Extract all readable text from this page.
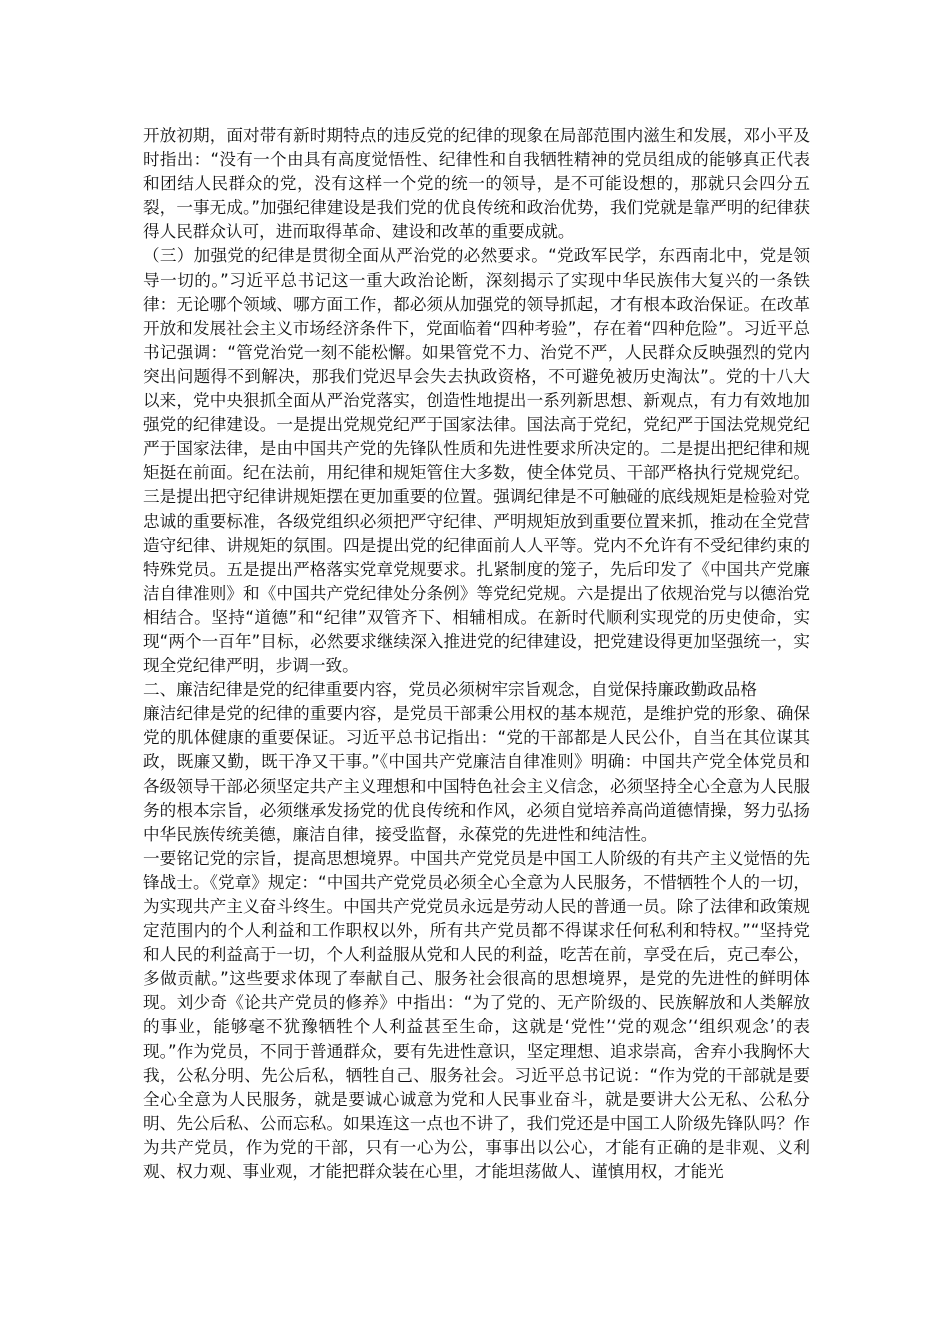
开放初期，面对带有新时期特点的违反党的纪律的现象在局部范围内滋生和发展，邓小平及时指出：“没有一个由具有高度觉悟性、纪律性和自我牺牲精神的党员组成的能够真正代表和团结人民群众的党，没有这样一个党的统一的领导，是不可能设想的，那就只会四分五裂，一事无成。”加强纪律建设是我们党的优良传统和政治优势，我们党就是靠严明的纪律获得人民群众认可，进而取得革命、建设和改革的重要成就。

（三）加强党的纪律是贯彻全面从严治党的必然要求。“党政军民学，东西南北中，党是领导一切的。”习近平总书记这一重大政治论断，深刻揭示了实现中华民族伟大复兴的一条铁律：无论哪个领域、哪方面工作，都必须从加强党的领导抓起，才有根本政治保证。在改革开放和发展社会主义市场经济条件下，党面临着“四种考验”，存在着“四种危险”。习近平总书记强调：“管党治党一刻不能松懈。如果管党不力、治党不严，人民群众反映强烈的党内突出问题得不到解决，那我们党迟早会失去执政资格，不可避免被历史淘汰”。党的十八大以来，党中央狠抓全面从严治党落实，创造性地提出一系列新思想、新观点，有力有效地加强党的纪律建设。一是提出党规党纪严于国家法律。国法高于党纪，党纪严于国法党规党纪严于国家法律，是由中国共产党的先锋队性质和先进性要求所决定的。二是提出把纪律和规矩挺在前面。纪在法前，用纪律和规矩管住大多数，使全体党员、干部严格执行党规党纪。三是提出把守纪律讲规矩摆在更加重要的位置。强调纪律是不可触碰的底线规矩是检验对党忠诚的重要标准，各级党组织必须把严守纪律、严明规矩放到重要位置来抓，推动在全党营造守纪律、讲规矩的氛围。四是提出党的纪律面前人人平等。党内不允许有不受纪律约束的特殊党员。五是提出严格落实党章党规要求。扎紧制度的笼子，先后印发了《中国共产党廉洁自律准则》和《中国共产党纪律处分条例》等党纪党规。六是提出了依规治党与以德治党相结合。坚持“道德”和“纪律”双管齐下、相辅相成。在新时代顺利实现党的历史使命，实现“两个一百年”目标，必然要求继续深入推进党的纪律建设，把党建设得更加坚强统一，实现全党纪律严明，步调一致。

二、廉洁纪律是党的纪律重要内容，党员必须树牢宗旨观念，自觉保持廉政勤政品格

廉洁纪律是党的纪律的重要内容，是党员干部秉公用权的基本规范，是维护党的形象、确保党的肌体健康的重要保证。习近平总书记指出：“党的干部都是人民公仆，自当在其位谋其政，既廉又勤，既干净又干事。”《中国共产党廉洁自律准则》明确：中国共产党全体党员和各级领导干部必须坚定共产主义理想和中国特色社会主义信念，必须坚持全心全意为人民服务的根本宗旨，必须继承发扬党的优良传统和作风，必须自觉培养高尚道德情操，努力弘扬中华民族传统美德，廉洁自律，接受监督，永葆党的先进性和纯洁性。

一要铭记党的宗旨，提高思想境界。中国共产党党员是中国工人阶级的有共产主义觉悟的先锋战士。《党章》规定：“中国共产党党员必须全心全意为人民服务，不惜牺牲个人的一切，为实现共产主义奋斗终生。中国共产党党员永远是劳动人民的普通一员。除了法律和政策规定范围内的个人利益和工作职权以外，所有共产党员都不得谋求任何私利和特权。”“坚持党和人民的利益高于一切，个人利益服从党和人民的利益，吃苦在前，享受在后，克己奉公，多做贡献。”这些要求体现了奉献自己、服务社会很高的思想境界，是党的先进性的鲜明体现。刘少奇《论共产党员的修养》中指出：“为了党的、无产阶级的、民族解放和人类解放的事业，能够毫不犹豫牺牲个人利益甚至生命，这就是‘党性’‘党的观念’‘组织观念’的表现。”作为党员，不同于普通群众，要有先进性意识，坚定理想、追求崇高，舍弃小我胸怀大我，公私分明、先公后私，牺牲自己、服务社会。习近平总书记说：“作为党的干部就是要全心全意为人民服务，就是要诚心诚意为党和人民事业奋斗，就是要讲大公无私、公私分明、先公后私、公而忘私。如果连这一点也不讲了，我们党还是中国工人阶级先锋队吗？作为共产党员，作为党的干部，只有一心为公，事事出以公心，才能有正确的是非观、义利观、权力观、事业观，才能把群众装在心里，才能坦荡做人、谨慎用权，才能光
